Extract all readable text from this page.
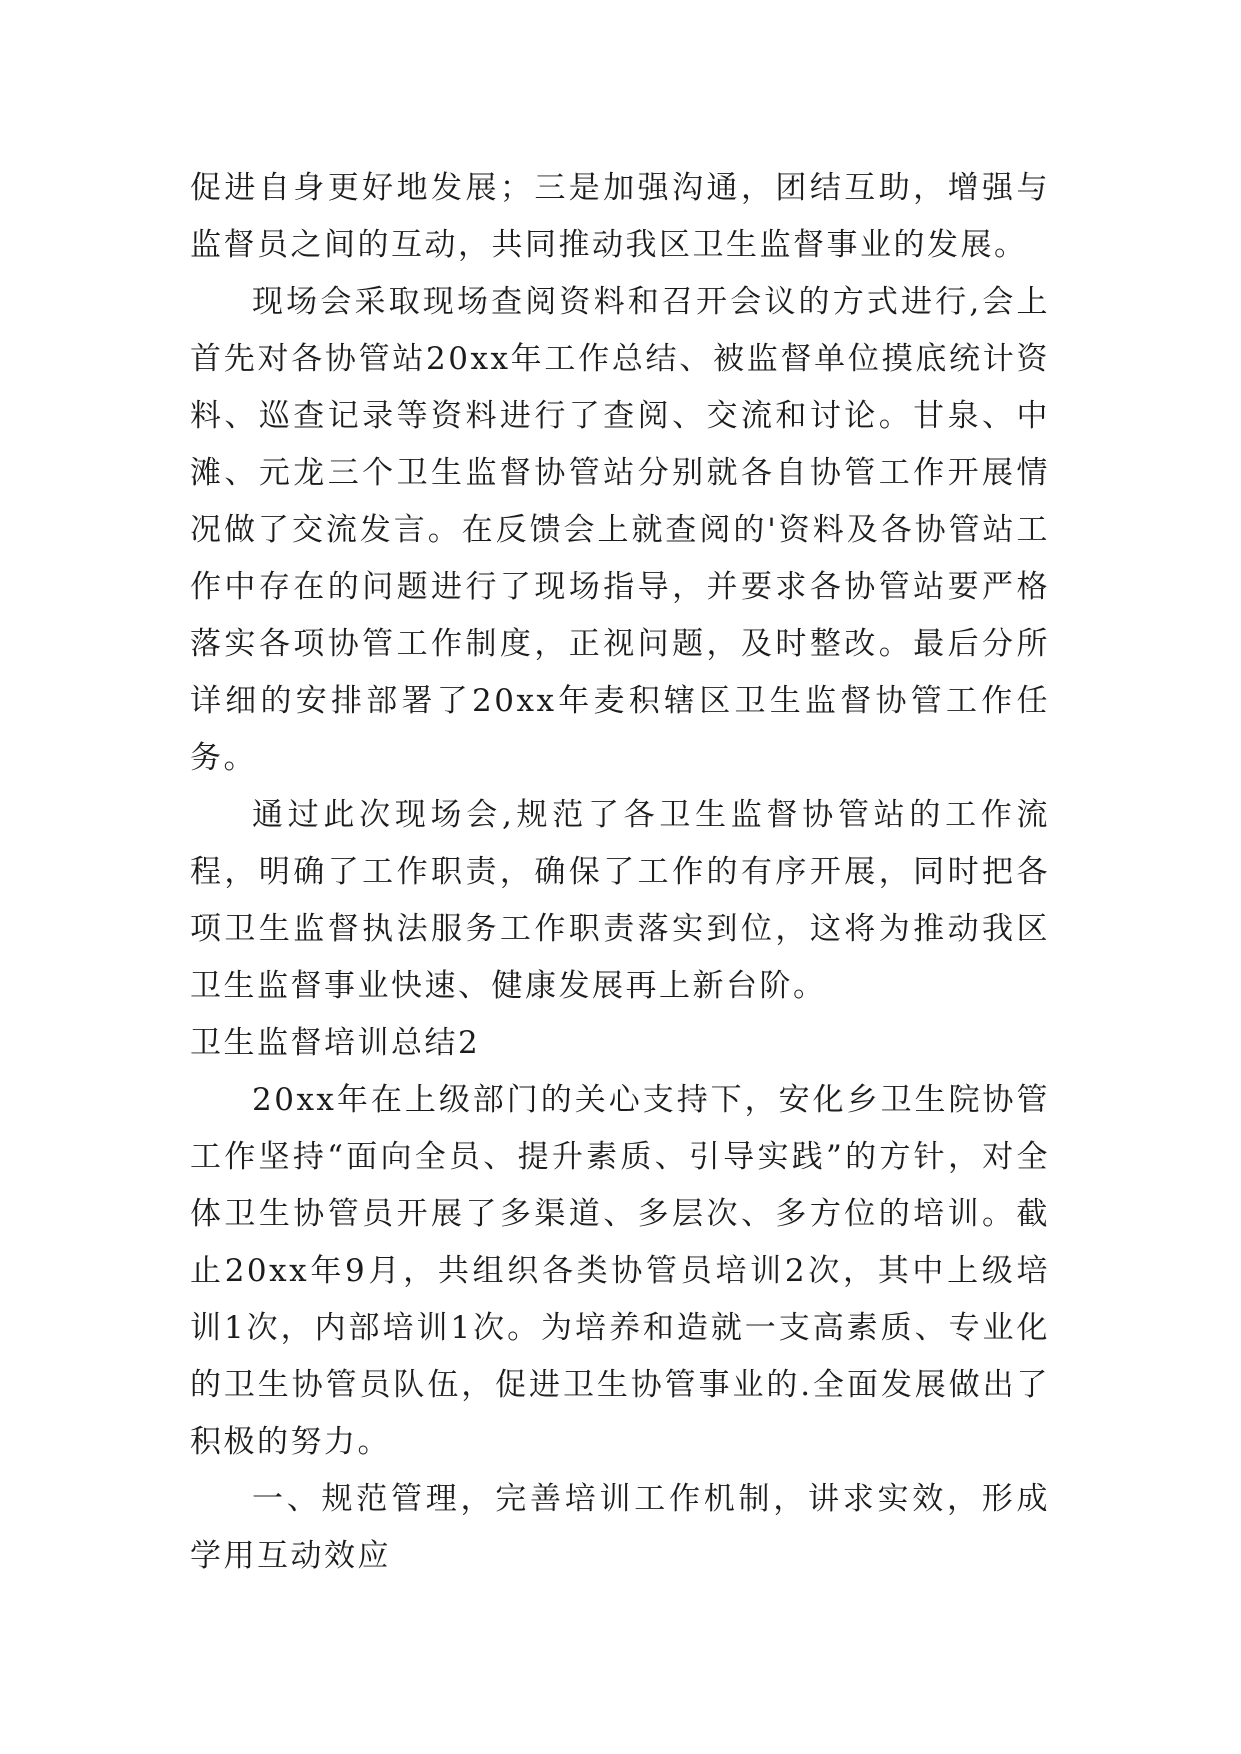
促进自身更好地发展；三是加强沟通，团结互助，增强与监督员之间的互动，共同推动我区卫生监督事业的发展。

现场会采取现场查阅资料和召开会议的方式进行,会上首先对各协管站20xx年工作总结、被监督单位摸底统计资料、巡查记录等资料进行了查阅、交流和讨论。甘泉、中滩、元龙三个卫生监督协管站分别就各自协管工作开展情况做了交流发言。在反馈会上就查阅的'资料及各协管站工作中存在的问题进行了现场指导，并要求各协管站要严格落实各项协管工作制度，正视问题，及时整改。最后分所详细的安排部署了20xx年麦积辖区卫生监督协管工作任务。

通过此次现场会,规范了各卫生监督协管站的工作流程，明确了工作职责，确保了工作的有序开展，同时把各项卫生监督执法服务工作职责落实到位，这将为推动我区卫生监督事业快速、健康发展再上新台阶。

卫生监督培训总结2

20xx年在上级部门的关心支持下，安化乡卫生院协管工作坚持“面向全员、提升素质、引导实践”的方针，对全体卫生协管员开展了多渠道、多层次、多方位的培训。截止20xx年9月，共组织各类协管员培训2次，其中上级培训1次，内部培训1次。为培养和造就一支高素质、专业化的卫生协管员队伍，促进卫生协管事业的.全面发展做出了积极的努力。

一、规范管理，完善培训工作机制，讲求实效，形成学用互动效应
